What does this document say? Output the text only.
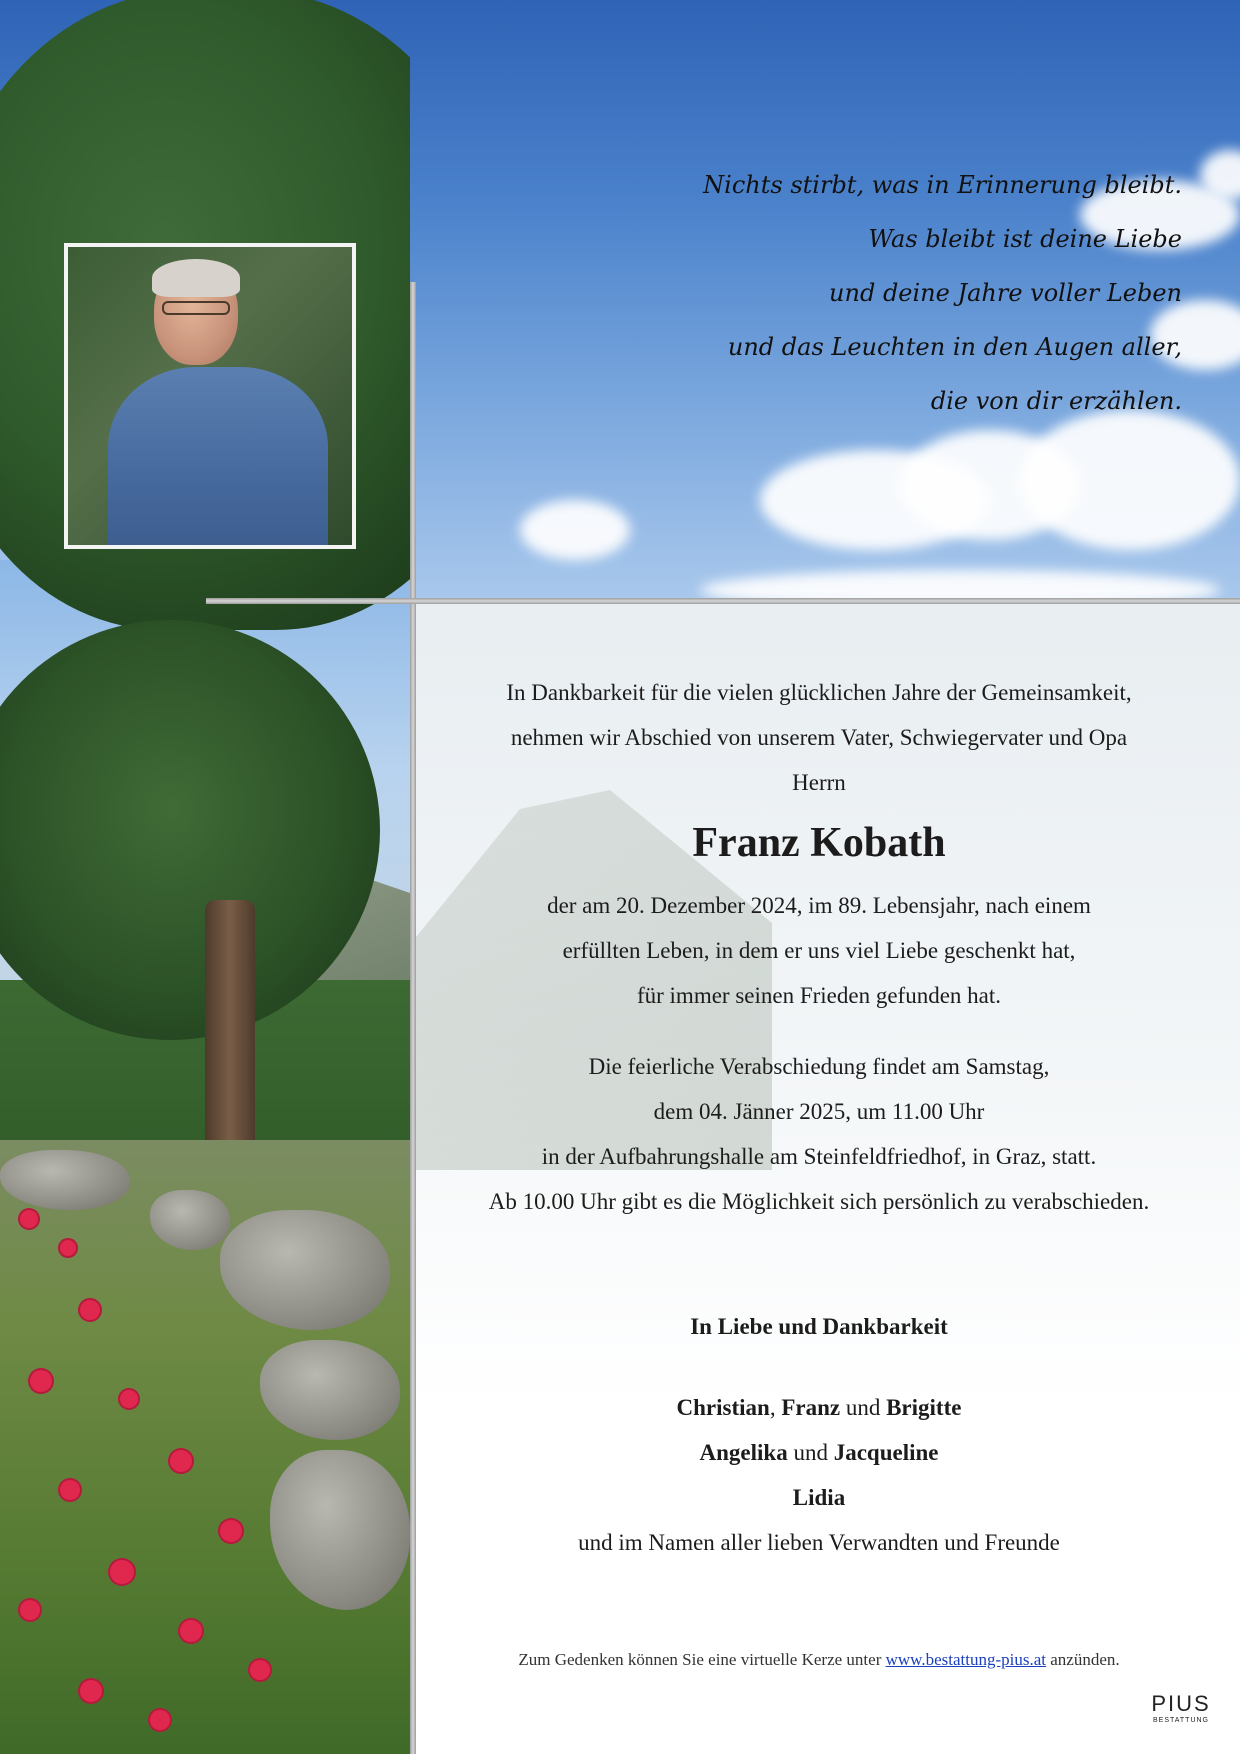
Nichts stirbt, was in Erinnerung bleibt.
Was bleibt ist deine Liebe
und deine Jahre voller Leben
und das Leuchten in den Augen aller,
die von dir erzählen.
In Dankbarkeit für die vielen glücklichen Jahre der Gemeinsamkeit,
nehmen wir Abschied von unserem Vater, Schwiegervater und Opa
Herrn
Franz Kobath
der am 20. Dezember 2024, im 89. Lebensjahr, nach einem
erfüllten Leben, in dem er uns viel Liebe geschenkt hat,
für immer seinen Frieden gefunden hat.
Die feierliche Verabschiedung findet am Samstag,
dem 04. Jänner 2025, um 11.00 Uhr
in der Aufbahrungshalle am Steinfeldfriedhof, in Graz, statt.
Ab 10.00 Uhr gibt es die Möglichkeit sich persönlich zu verabschieden.
In Liebe und Dankbarkeit
Christian, Franz und Brigitte
Angelika und Jacqueline
Lidia
und im Namen aller lieben Verwandten und Freunde
Zum Gedenken können Sie eine virtuelle Kerze unter www.bestattung-pius.at anzünden.
PIUS
BESTATTUNG
